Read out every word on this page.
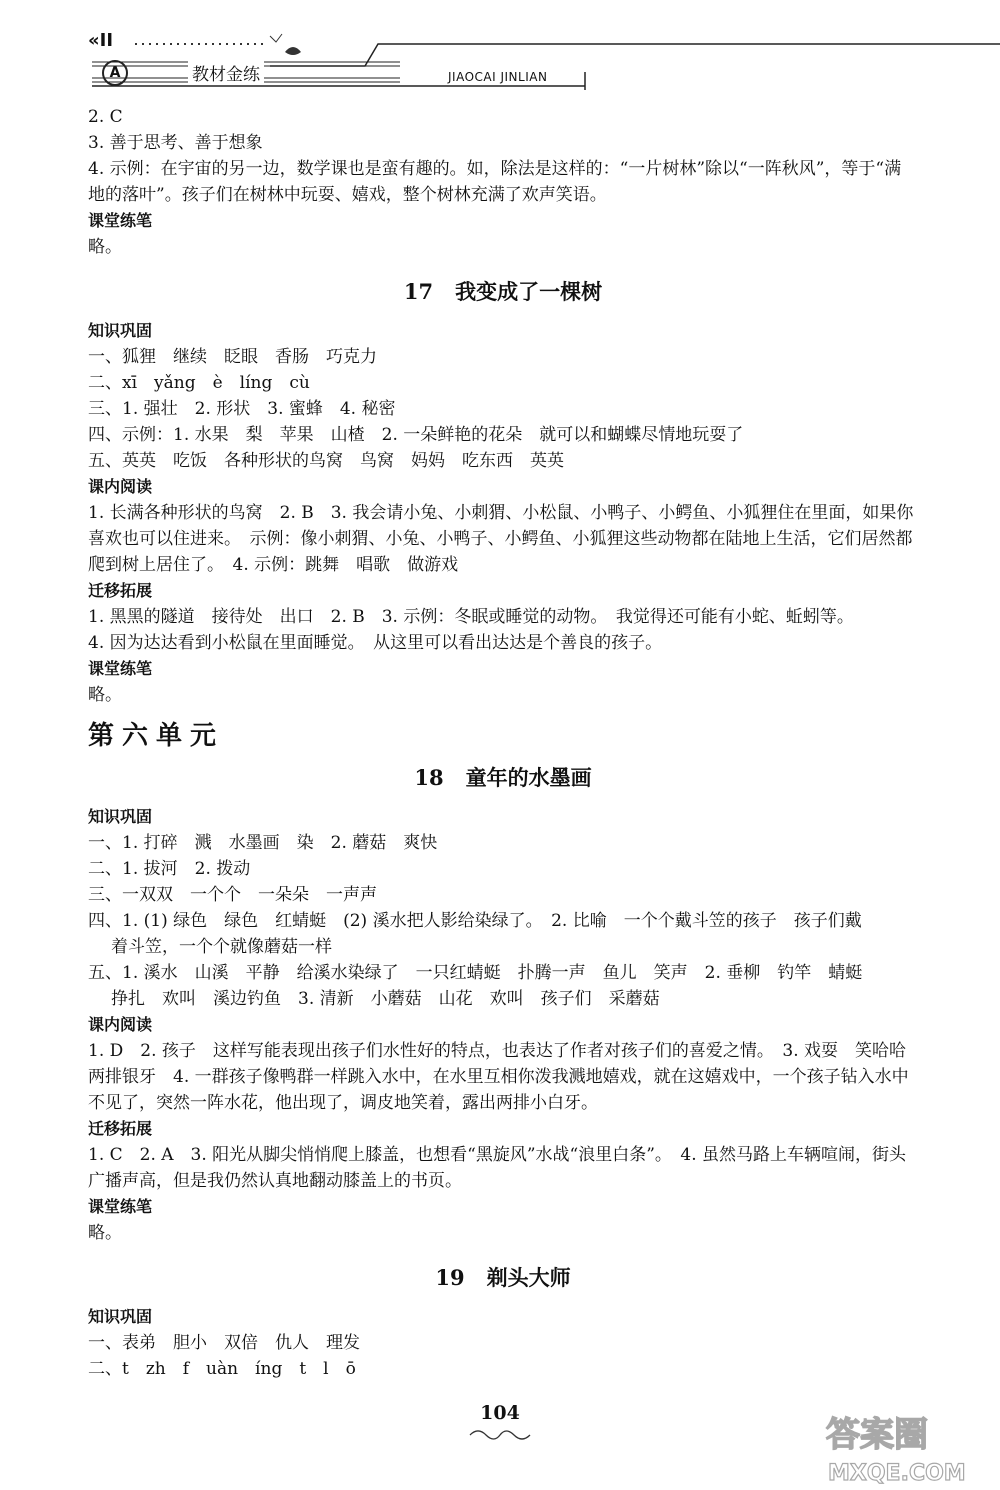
«II
A	教材金练	JIAOCAI JINLIAN
2. C
3. 善于思考、善于想象
4. 示例：在宇宙的另一边，数学课也是蛮有趣的。如，除法是这样的：“一片树林”除以“一阵秋风”，等于“满地的落叶”。孩子们在树林中玩耍、嬉戏，整个树林充满了欢声笑语。
课堂练笔
略。
17 我变成了一棵树
知识巩固
一、狐狸　继续　眨眼　香肠　巧克力
二、xī　yǎng　è　líng　cù
三、1. 强壮　2. 形状　3. 蜜蜂　4. 秘密
四、示例：1. 水果　梨　苹果　山楂　2. 一朵鲜艳的花朵　就可以和蝴蝶尽情地玩耍了
五、英英　吃饭　各种形状的鸟窝　鸟窝　妈妈　吃东西　英英
课内阅读
1. 长满各种形状的鸟窝　2. B　3. 我会请小兔、小刺猬、小松鼠、小鸭子、小鳄鱼、小狐狸住在里面，如果你喜欢也可以住进来。　示例：像小刺猬、小兔、小鸭子、小鳄鱼、小狐狸这些动物都在陆地上生活，它们居然都爬到树上居住了。　4. 示例：跳舞　唱歌　做游戏
迁移拓展
1. 黑黑的隧道　接待处　出口　2. B　3. 示例：冬眠或睡觉的动物。　我觉得还可能有小蛇、蚯蚓等。
4. 因为达达看到小松鼠在里面睡觉。　从这里可以看出达达是个善良的孩子。
课堂练笔
略。
第六单元
18 童年的水墨画
知识巩固
一、1. 打碎　溅　水墨画　染　2. 蘑菇　爽快
二、1. 拔河　2. 拨动
三、一双双　一个个　一朵朵　一声声
四、1. (1) 绿色　绿色　红蜻蜓　(2) 溪水把人影给染绿了。　2. 比喻　一个个戴斗笠的孩子　孩子们戴
着斗笠，一个个就像蘑菇一样
五、1. 溪水　山溪　平静　给溪水染绿了　一只红蜻蜓　扑腾一声　鱼儿　笑声　2. 垂柳　钓竿　蜻蜓
挣扎　欢叫　溪边钓鱼　3. 清新　小蘑菇　山花　欢叫　孩子们　采蘑菇
课内阅读
1. D　2. 孩子　这样写能表现出孩子们水性好的特点，也表达了作者对孩子们的喜爱之情。　3. 戏耍　笑哈哈　两排银牙　4. 一群孩子像鸭群一样跳入水中，在水里互相你泼我溅地嬉戏，就在这嬉戏中，一个孩子钻入水中不见了，突然一阵水花，他出现了，调皮地笑着，露出两排小白牙。
迁移拓展
1. C　2. A　3. 阳光从脚尖悄悄爬上膝盖，也想看“黑旋风”水战“浪里白条”。　4. 虽然马路上车辆喧闹，街头广播声高，但是我仍然认真地翻动膝盖上的书页。
课堂练笔
略。
19 剃头大师
知识巩固
一、表弟　胆小　双倍　仇人　理发
二、t　zh　f　uàn　íng　t　l　ō
104
答案圈
MXQE.COM
